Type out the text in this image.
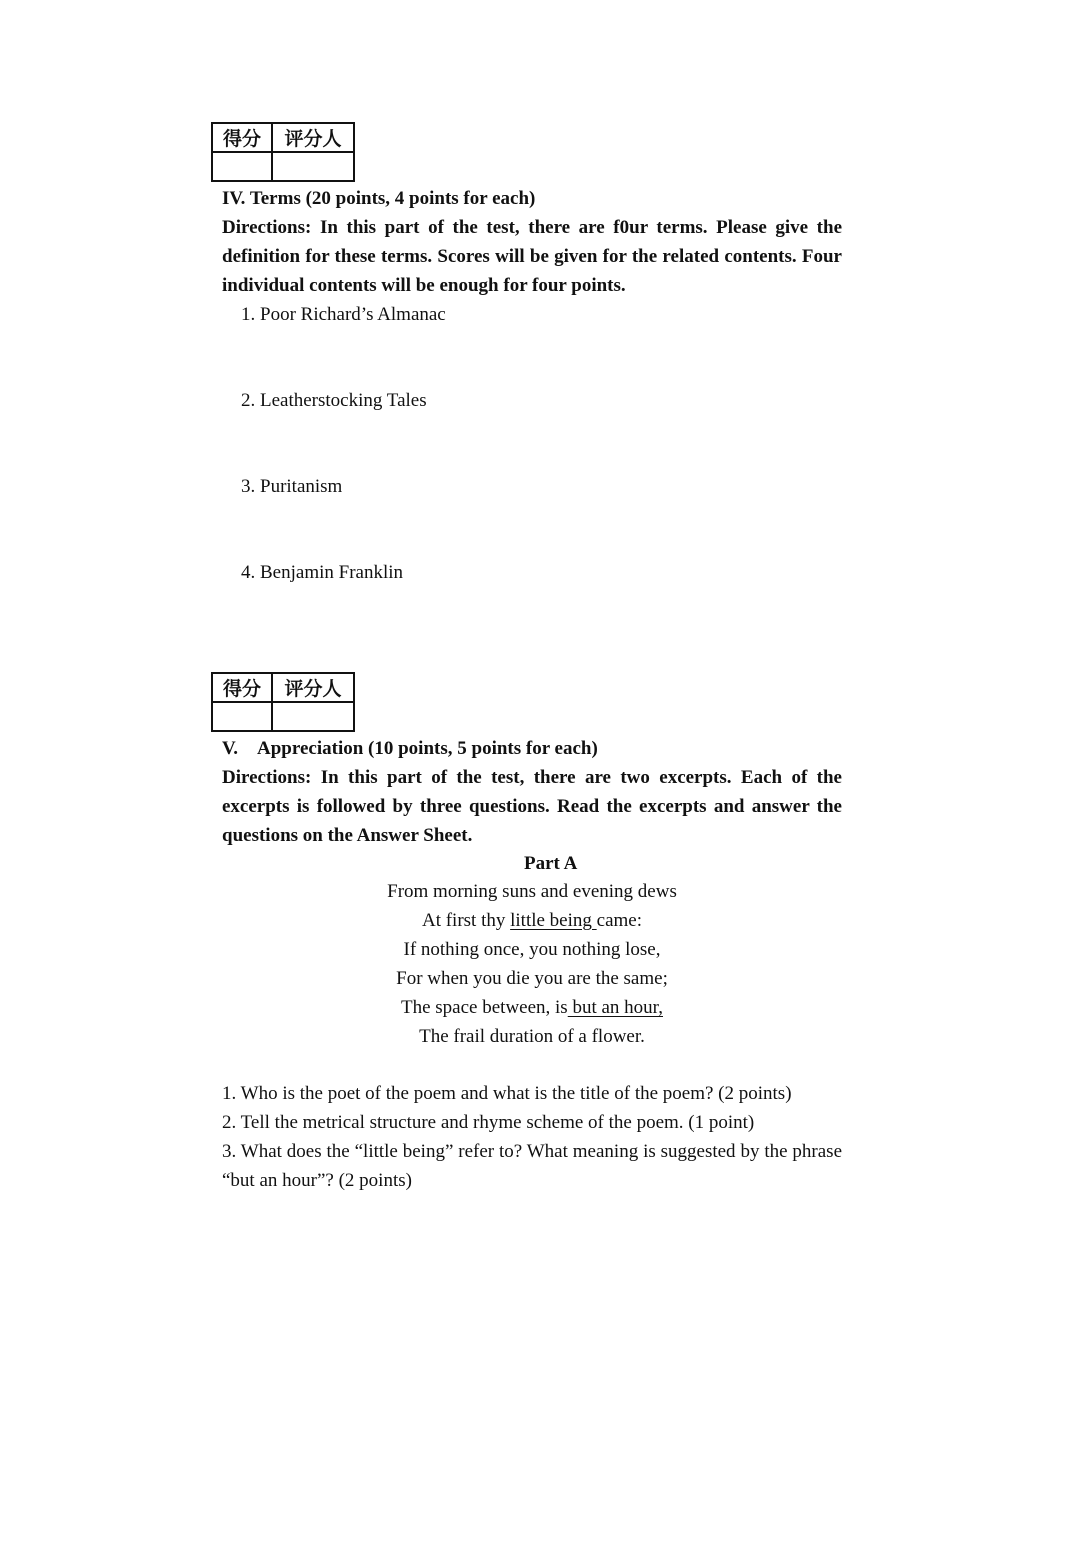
得分	评分人

IV. Terms (20 points, 4 points for each)
Directions: In this part of the test, there are f0ur terms. Please give the definition for these terms. Scores will be given for the related contents. Four individual contents will be enough for four points.
1. Poor Richard’s Almanac
2. Leatherstocking Tales
3. Puritanism
4. Benjamin Franklin
得分	评分人

V.    Appreciation (10 points, 5 points for each)
Directions: In this part of the test, there are two excerpts. Each of the excerpts is followed by three questions. Read the excerpts and answer the questions on the Answer Sheet.
Part A
From morning suns and evening dews
At first thy little being came:
If nothing once, you nothing lose,
For when you die you are the same;
The space between, is but an hour,
The frail duration of a flower.
1. Who is the poet of the poem and what is the title of the poem? (2 points)
2. Tell the metrical structure and rhyme scheme of the poem. (1 point)
3. What does the “little being” refer to? What meaning is suggested by the phrase “but an hour”? (2 points)
